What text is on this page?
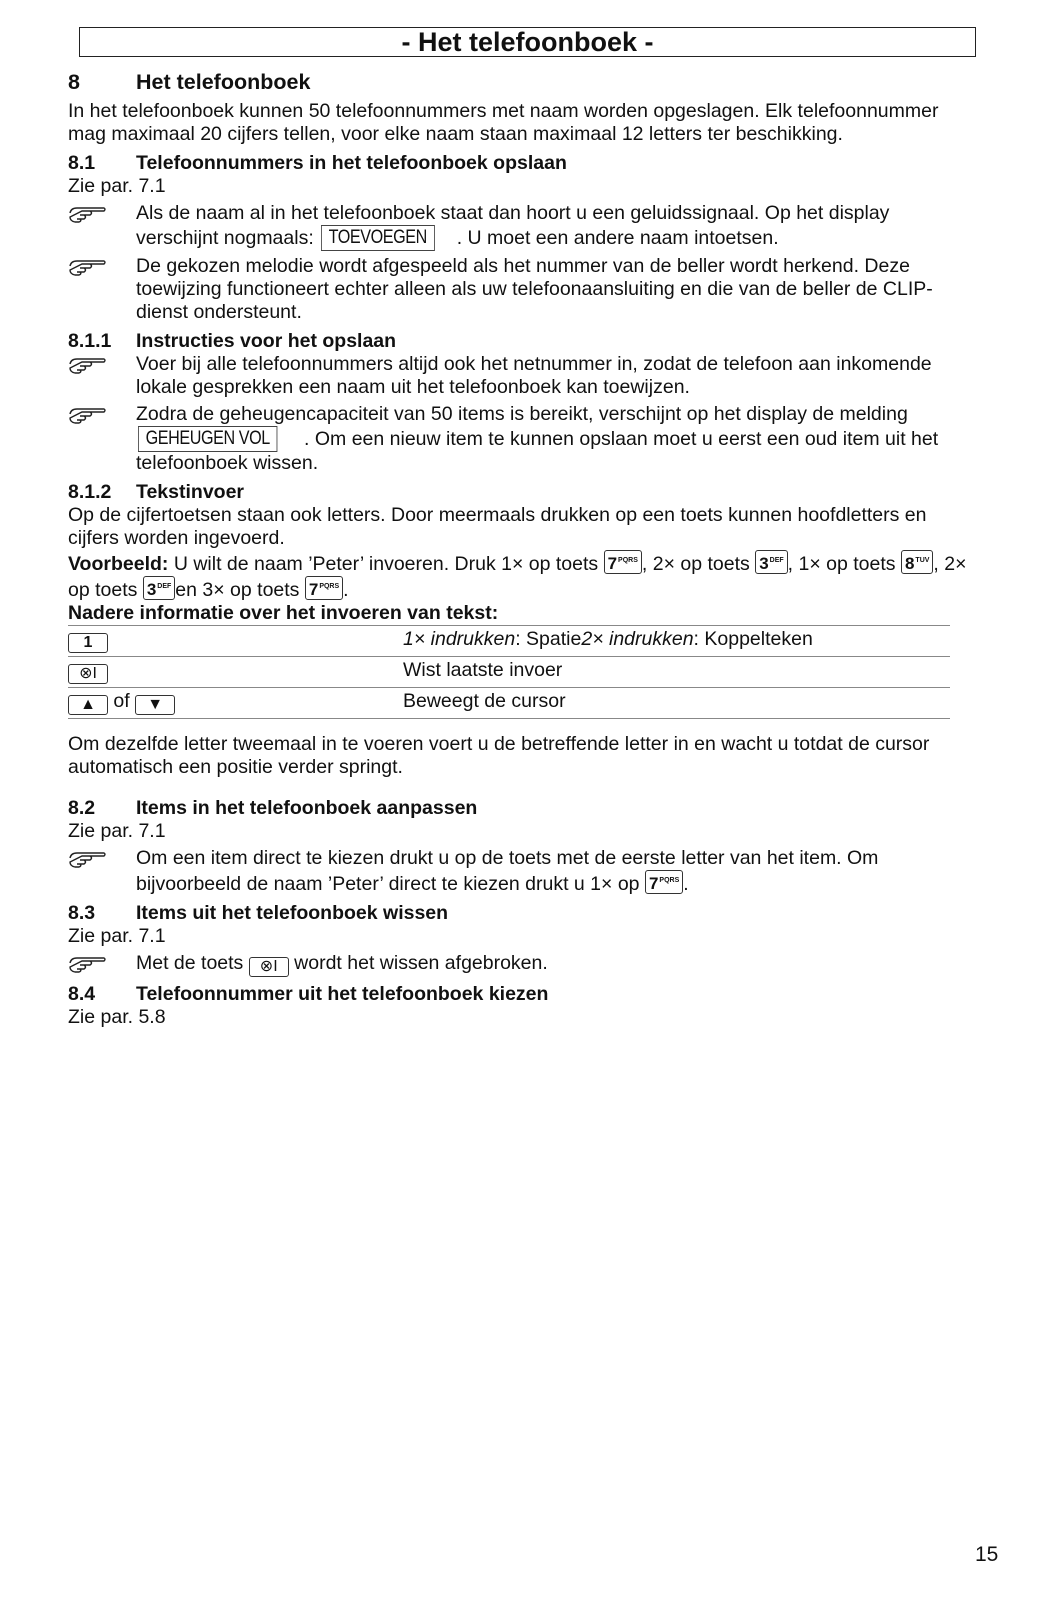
- Het telefoonboek -
8	Het telefoonboek

In het telefoonboek kunnen 50 telefoonnummers met naam worden opgeslagen. Elk telefoonnummer mag maximaal 20 cijfers tellen, voor elke naam staan maximaal 12 letters ter beschikking.

8.1	Telefoonnummers in het telefoonboek opslaan

Zie par. 7.1

Als de naam al in het telefoonboek staat dan hoort u een geluidssignaal. Op het display verschijnt nogmaals: TOEVOEGEN . U moet een andere naam intoetsen.
De gekozen melodie wordt afgespeeld als het nummer van de beller wordt herkend. Deze toewijzing functioneert echter alleen als uw telefoonaansluiting en die van de beller de CLIP-dienst ondersteunt.
8.1.1	Instructies voor het opslaan
Voer bij alle telefoonnummers altijd ook het netnummer in, zodat de telefoon aan inkomende lokale gesprekken een naam uit het telefoonboek kan toewijzen.
Zodra de geheugencapaciteit van 50 items is bereikt, verschijnt op het display de melding GEHEUGEN VOL . Om een nieuw item te kunnen opslaan moet u eerst een oud item uit het telefoonboek wissen.
8.1.2	Tekstinvoer

Op de cijfertoetsen staan ook letters. Door meermaals drukken op een toets kunnen hoofdletters en cijfers worden ingevoerd.

Voorbeeld: U wilt de naam ’Peter’ invoeren. Druk 1× op toets $7^{PQRS}$ , 2× op toets $3^{DEF}$ , 1× op toets $8^{TUV}$ , 2× op toets $3^{DEF}$ en 3× op toets $7^{PQRS}$ .

Nadere informatie over het invoeren van tekst:

1	1× indrukken: Spatie2× indrukken: Koppelteken
⊗I	Wist laatste invoer
▲ of ▼	Beweegt de cursor

Om dezelfde letter tweemaal in te voeren voert u de betreffende letter in en wacht u totdat de cursor automatisch een positie verder springt.

8.2	Items in het telefoonboek aanpassen

Zie par. 7.1

Om een item direct te kiezen drukt u op de toets met de eerste letter van het item. Om bijvoorbeeld de naam ’Peter’ direct te kiezen drukt u 1× op $7^{PQRS}$ .
8.3	Items uit het telefoonboek wissen

Zie par. 7.1

Met de toets ⊗I wordt het wissen afgebroken.
8.4	Telefoonnummer uit het telefoonboek kiezen

Zie par. 5.8

15
